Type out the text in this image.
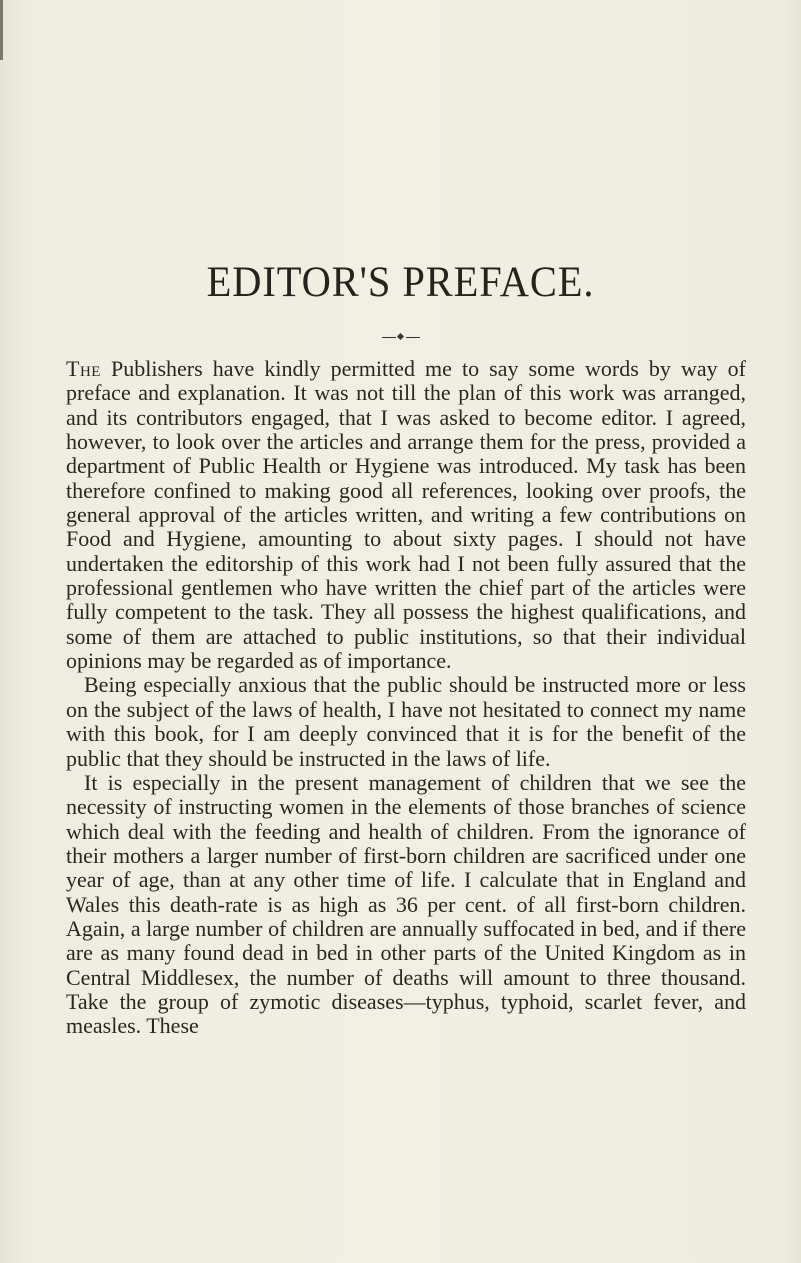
EDITOR'S PREFACE.

The Publishers have kindly permitted me to say some words by way of preface and explanation. It was not till the plan of this work was arranged, and its contributors engaged, that I was asked to become editor. I agreed, however, to look over the articles and arrange them for the press, provided a department of Public Health or Hygiene was introduced. My task has been therefore confined to making good all references, looking over proofs, the general approval of the articles written, and writing a few contributions on Food and Hygiene, amounting to about sixty pages. I should not have undertaken the editorship of this work had I not been fully assured that the professional gentlemen who have written the chief part of the articles were fully competent to the task. They all possess the highest qualifications, and some of them are attached to public institutions, so that their individual opinions may be regarded as of importance.

Being especially anxious that the public should be instructed more or less on the subject of the laws of health, I have not hesitated to connect my name with this book, for I am deeply convinced that it is for the benefit of the public that they should be instructed in the laws of life.

It is especially in the present management of children that we see the necessity of instructing women in the elements of those branches of science which deal with the feeding and health of children. From the ignorance of their mothers a larger number of first-born children are sacrificed under one year of age, than at any other time of life. I calculate that in England and Wales this death-rate is as high as 36 per cent. of all first-born children. Again, a large number of children are annually suffocated in bed, and if there are as many found dead in bed in other parts of the United Kingdom as in Central Middlesex, the number of deaths will amount to three thousand. Take the group of zymotic diseases—typhus, typhoid, scarlet fever, and measles. These
